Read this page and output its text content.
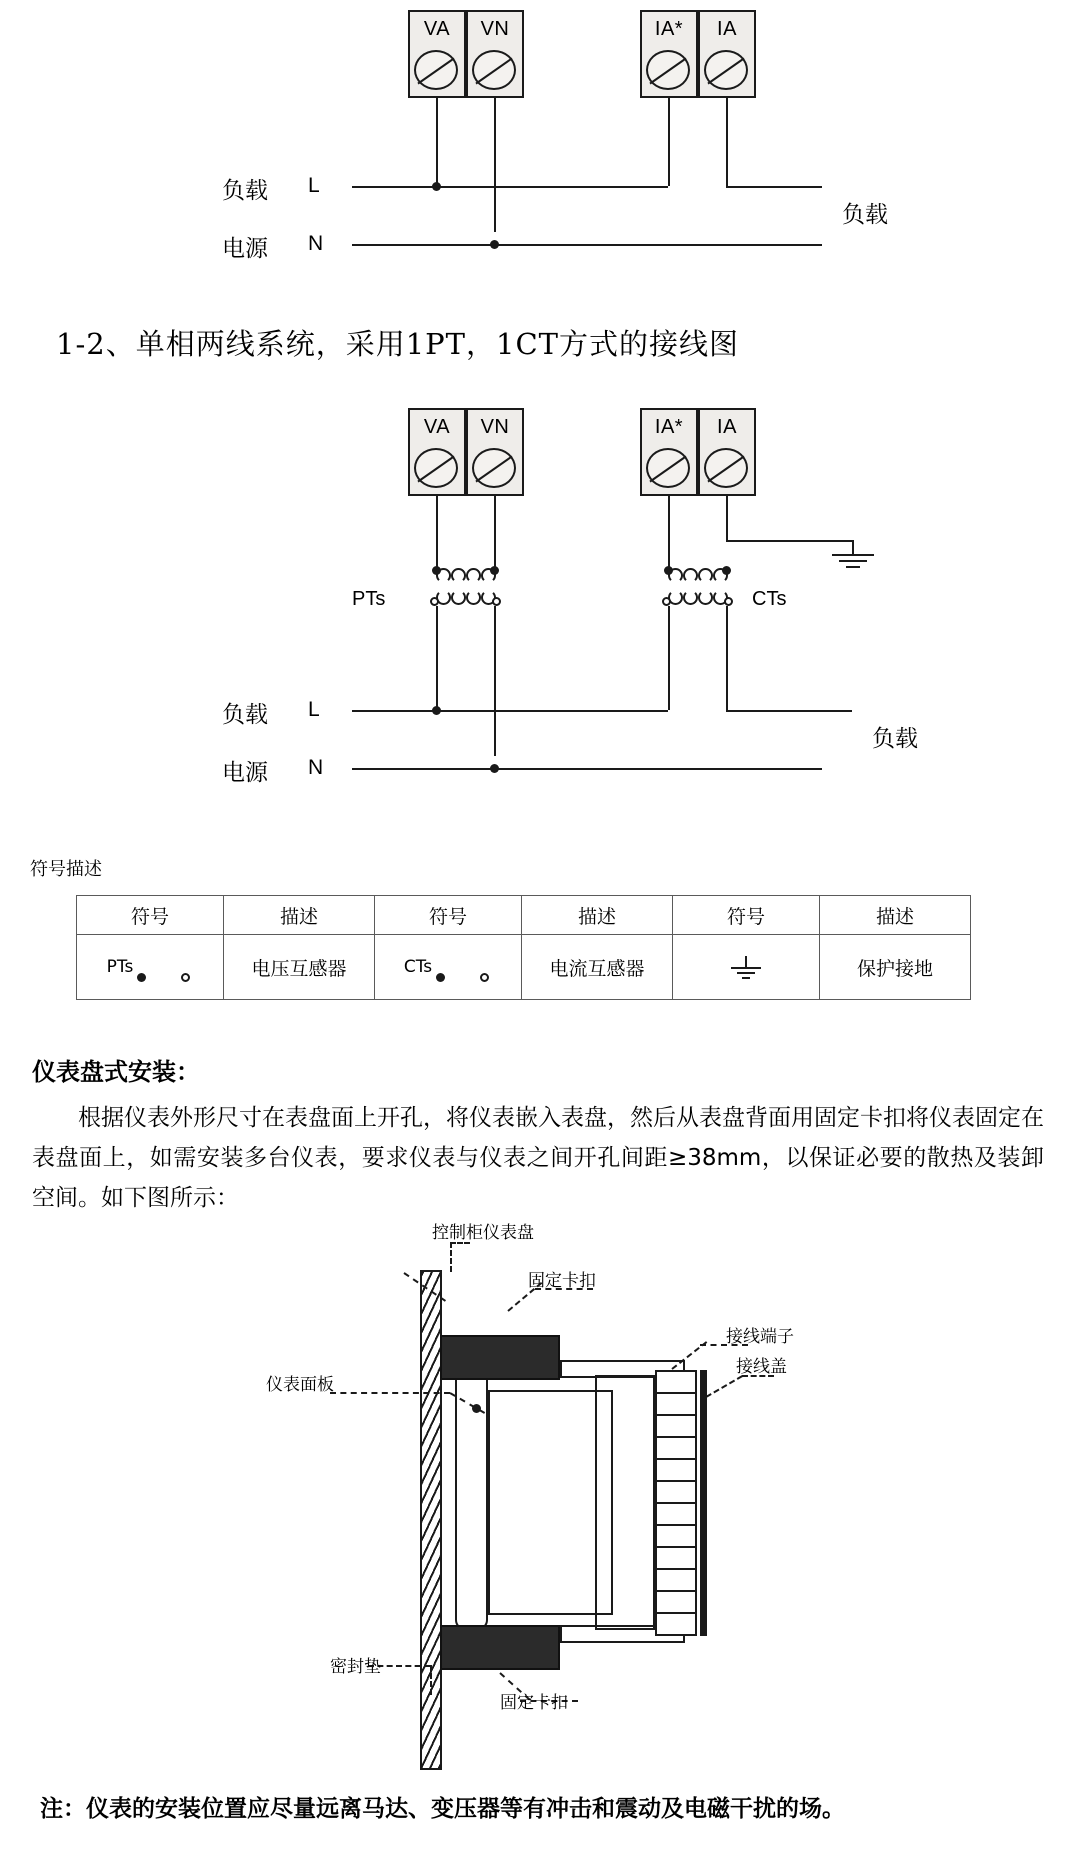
VA	VN	IA*	IA
负载 L
电源 N
负载
1-2、单相两线系统，采用1PT，1CT方式的接线图
VA	VN	IA*	IA
PTs	CTs
负载 L
电源 N
负载
符号描述
符号	描述	符号	描述	符号	描述

PTs	电压互感器	CTs	电流互感器		保护接地
仪表盘式安装：
根据仪表外形尺寸在表盘面上开孔，将仪表嵌入表盘，然后从表盘背面用固定卡扣将仪表固定在表盘面上，如需安装多台仪表，要求仪表与仪表之间开孔间距≥38mm，以保证必要的散热及装卸空间。如下图所示：
控制柜仪表盘
固定卡扣
接线端子
接线盖
仪表面板
密封垫
固定卡扣
注：仪表的安装位置应尽量远离马达、变压器等有冲击和震动及电磁干扰的场。
